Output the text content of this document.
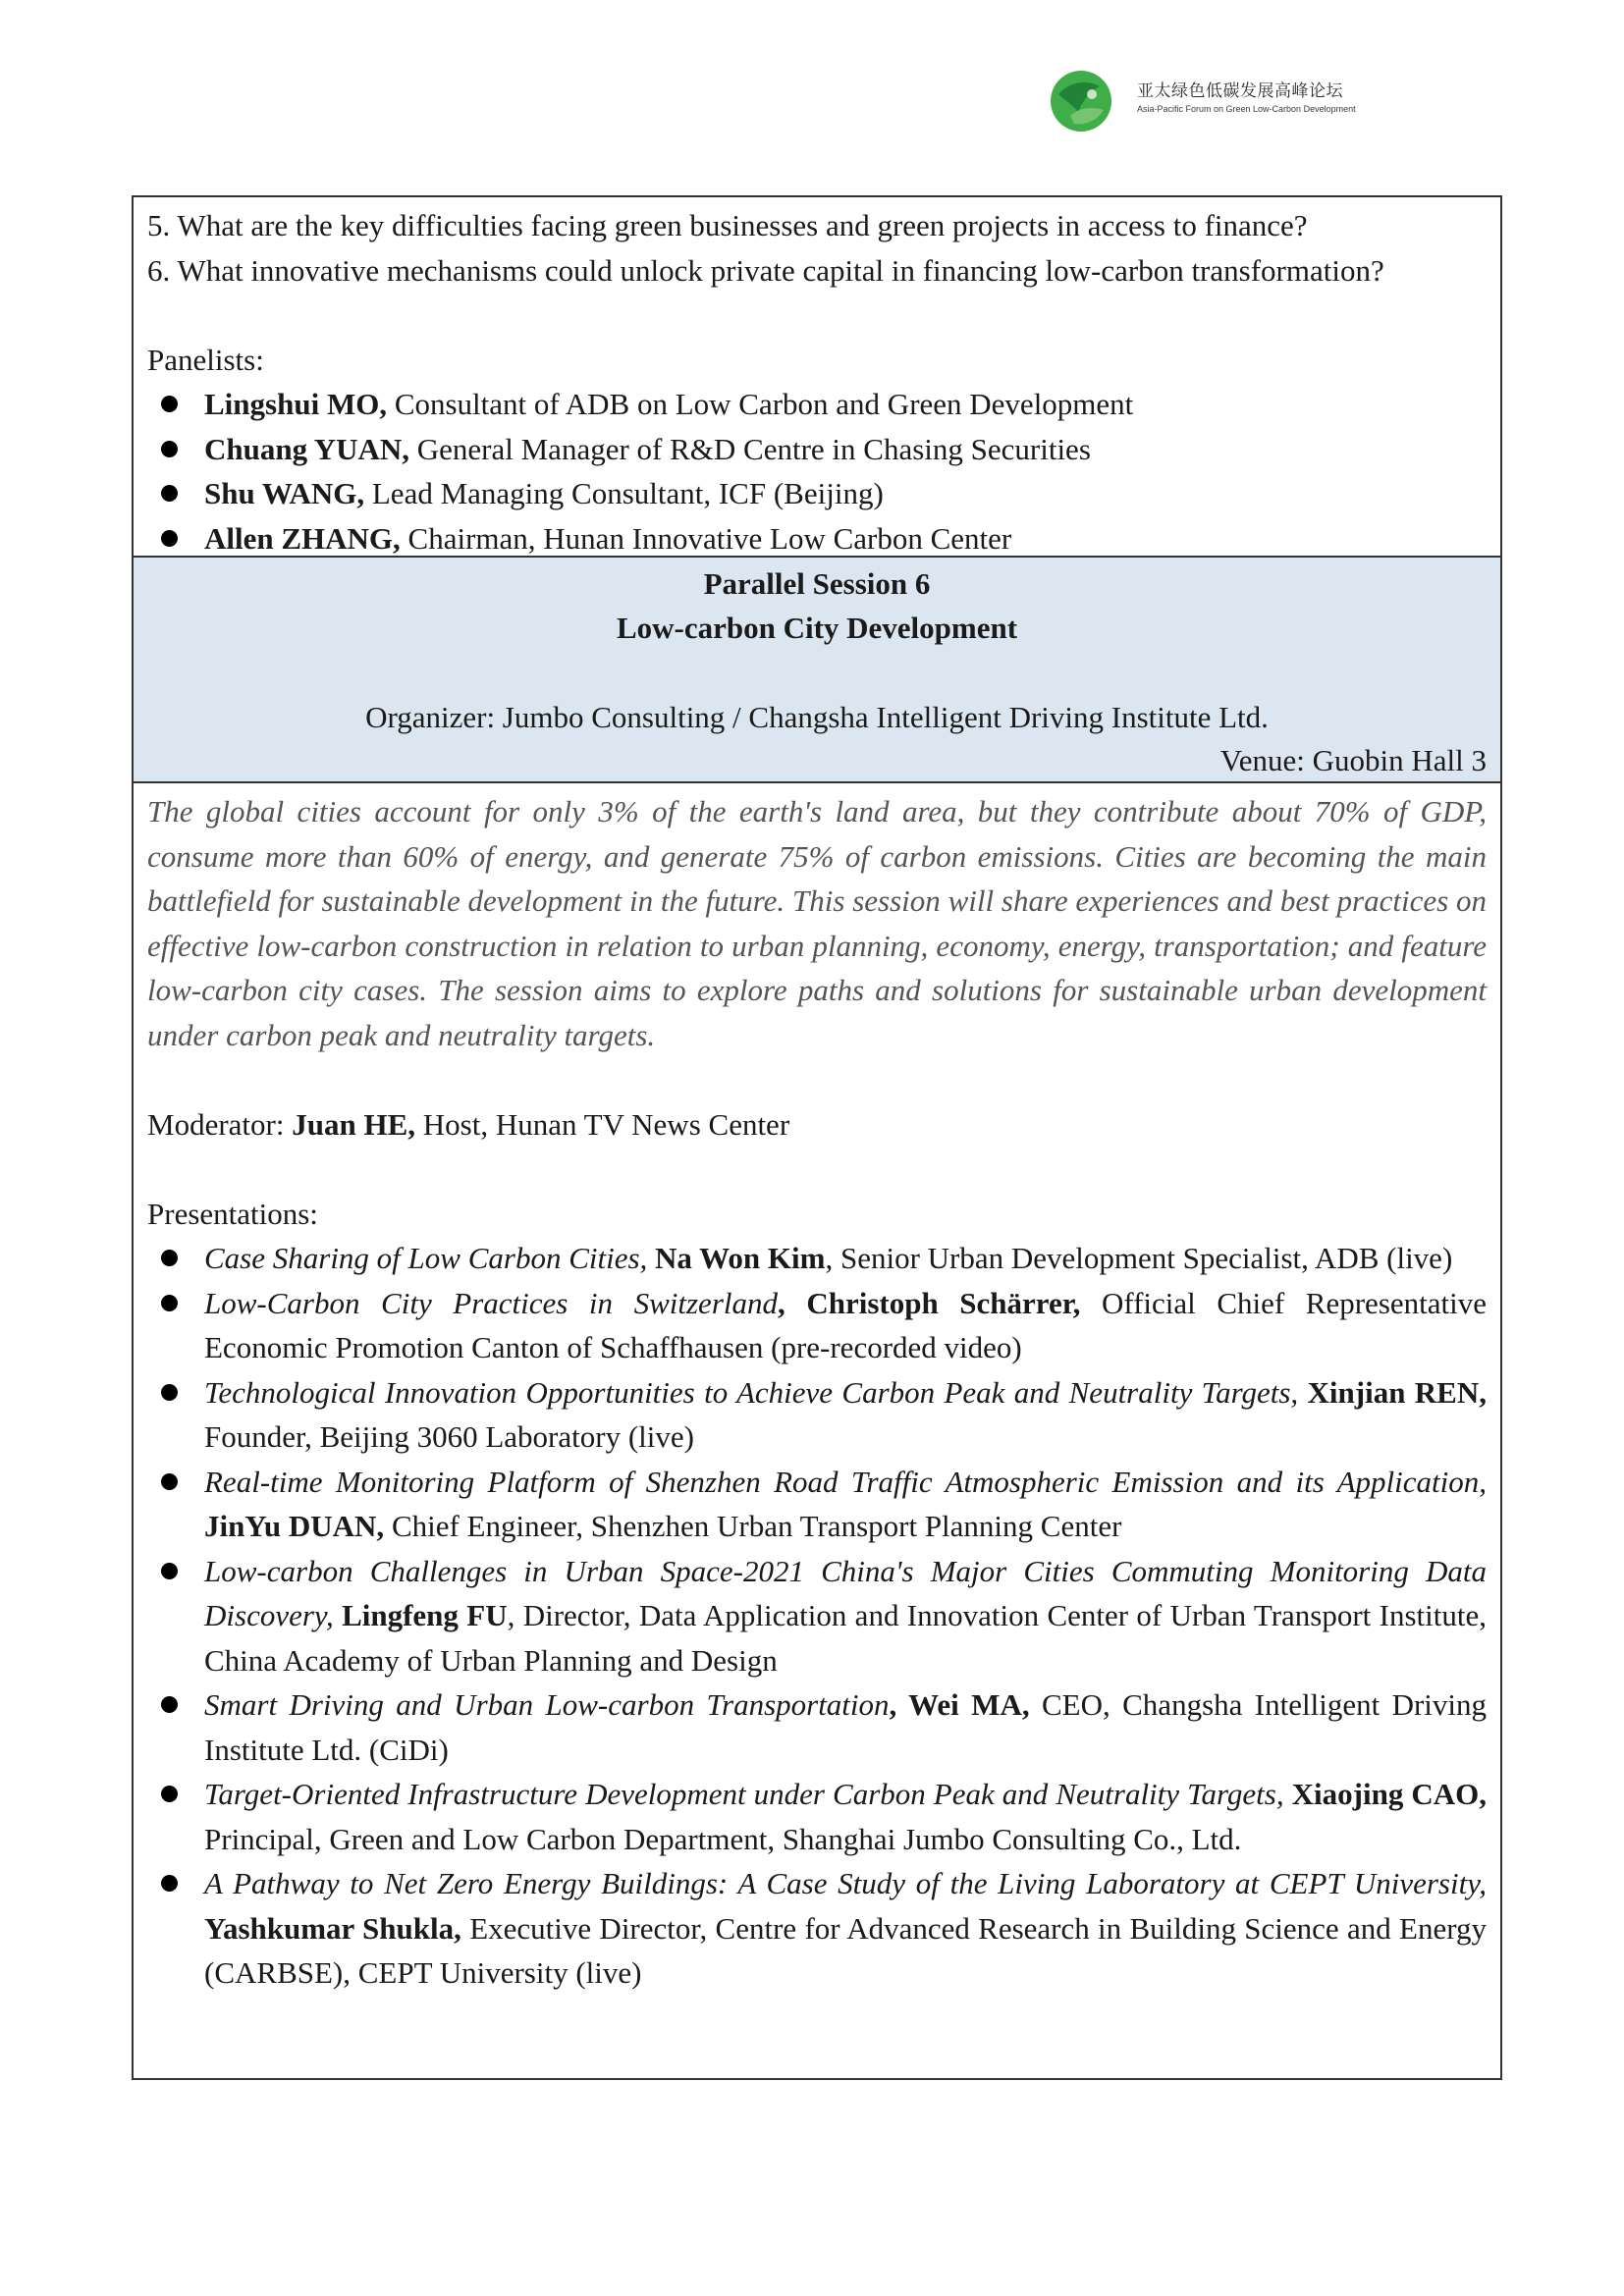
亚太绿色低碳发展高峰论坛
Asia-Pacific Forum on Green Low-Carbon Development
5. What are the key difficulties facing green businesses and green projects in access to finance?
6. What innovative mechanisms could unlock private capital in financing low-carbon transformation?
Panelists:
Lingshui MO, Consultant of ADB on Low Carbon and Green Development
Chuang YUAN, General Manager of R&D Centre in Chasing Securities
Shu WANG, Lead Managing Consultant, ICF (Beijing)
Allen ZHANG, Chairman, Hunan Innovative Low Carbon Center
Parallel Session 6
Low-carbon City Development
Organizer: Jumbo Consulting / Changsha Intelligent Driving Institute Ltd.
Venue: Guobin Hall 3
The global cities account for only 3% of the earth's land area, but they contribute about 70% of GDP, consume more than 60% of energy, and generate 75% of carbon emissions. Cities are becoming the main battlefield for sustainable development in the future. This session will share experiences and best practices on effective low-carbon construction in relation to urban planning, economy, energy, transportation; and feature low-carbon city cases. The session aims to explore paths and solutions for sustainable urban development under carbon peak and neutrality targets.
Moderator: Juan HE, Host, Hunan TV News Center
Presentations:
Case Sharing of Low Carbon Cities, Na Won Kim, Senior Urban Development Specialist, ADB (live)
Low-Carbon City Practices in Switzerland, Christoph Schärrer, Official Chief Representative Economic Promotion Canton of Schaffhausen (pre-recorded video)
Technological Innovation Opportunities to Achieve Carbon Peak and Neutrality Targets, Xinjian REN, Founder, Beijing 3060 Laboratory (live)
Real-time Monitoring Platform of Shenzhen Road Traffic Atmospheric Emission and its Application, JinYu DUAN, Chief Engineer, Shenzhen Urban Transport Planning Center
Low-carbon Challenges in Urban Space-2021 China's Major Cities Commuting Monitoring Data Discovery, Lingfeng FU, Director, Data Application and Innovation Center of Urban Transport Institute, China Academy of Urban Planning and Design
Smart Driving and Urban Low-carbon Transportation, Wei MA, CEO, Changsha Intelligent Driving Institute Ltd. (CiDi)
Target-Oriented Infrastructure Development under Carbon Peak and Neutrality Targets, Xiaojing CAO, Principal, Green and Low Carbon Department, Shanghai Jumbo Consulting Co., Ltd.
A Pathway to Net Zero Energy Buildings: A Case Study of the Living Laboratory at CEPT University, Yashkumar Shukla, Executive Director, Centre for Advanced Research in Building Science and Energy (CARBSE), CEPT University (live)
